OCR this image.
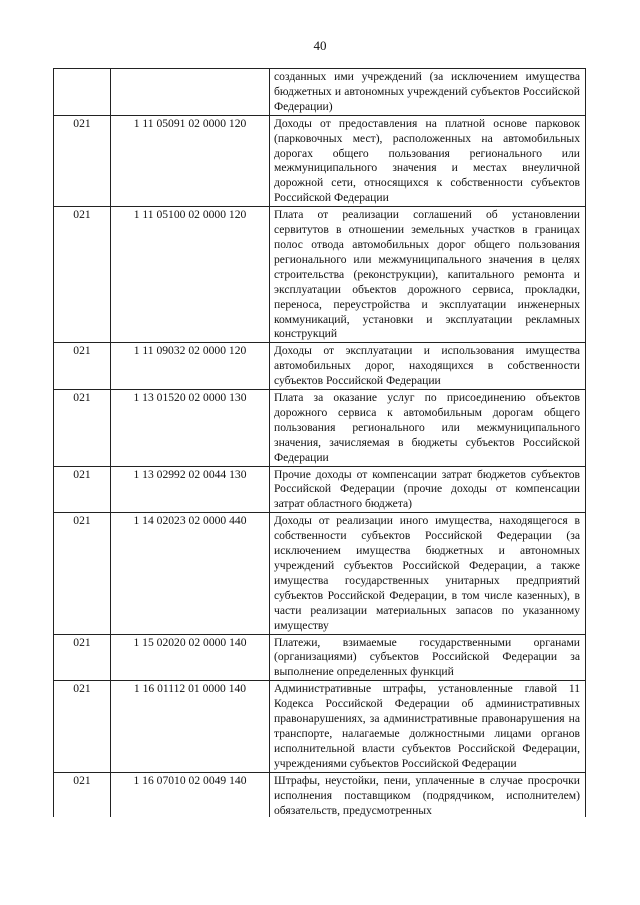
40
		созданных ими учреждений (за исключением имущества бюджетных и автономных учреждений субъектов Российской Федерации)
021	1 11 05091 02 0000 120	Доходы от предоставления на платной основе парковок (парковочных мест), расположенных на автомобильных дорогах общего пользования регионального или межмуниципального значения и местах внеуличной дорожной сети, относящихся к собственности субъектов Российской Федерации
021	1 11 05100 02 0000 120	Плата от реализации соглашений об установлении сервитутов в отношении земельных участков в границах полос отвода автомобильных дорог общего пользования регионального или межмуниципального значения в целях строительства (реконструкции), капитального ремонта и эксплуатации объектов дорожного сервиса, прокладки, переноса, переустройства и эксплуатации инженерных коммуникаций, установки и эксплуатации рекламных конструкций
021	1 11 09032 02 0000 120	Доходы от эксплуатации и использования имущества автомобильных дорог, находящихся в собственности субъектов Российской Федерации
021	1 13 01520 02 0000 130	Плата за оказание услуг по присоединению объектов дорожного сервиса к автомобильным дорогам общего пользования регионального или межмуниципального значения, зачисляемая в бюджеты субъектов Российской Федерации
021	1 13 02992 02 0044 130	Прочие доходы от компенсации затрат бюджетов субъектов Российской Федерации (прочие доходы от компенсации затрат областного бюджета)
021	1 14 02023 02 0000 440	Доходы от реализации иного имущества, находящегося в собственности субъектов Российской Федерации (за исключением имущества бюджетных и автономных учреждений субъектов Российской Федерации, а также имущества государственных унитарных предприятий субъектов Российской Федерации, в том числе казенных), в части реализации материальных запасов по указанному имуществу
021	1 15 02020 02 0000 140	Платежи, взимаемые государственными органами (организациями) субъектов Российской Федерации за выполнение определенных функций
021	1 16 01112 01 0000 140	Административные штрафы, установленные главой 11 Кодекса Российской Федерации об административных правонарушениях, за административные правонарушения на транспорте, налагаемые должностными лицами органов исполнительной власти субъектов Российской Федерации, учреждениями субъектов Российской Федерации
021	1 16 07010 02 0049 140	Штрафы, неустойки, пени, уплаченные в случае просрочки исполнения поставщиком (подрядчиком, исполнителем) обязательств, предусмотренных
